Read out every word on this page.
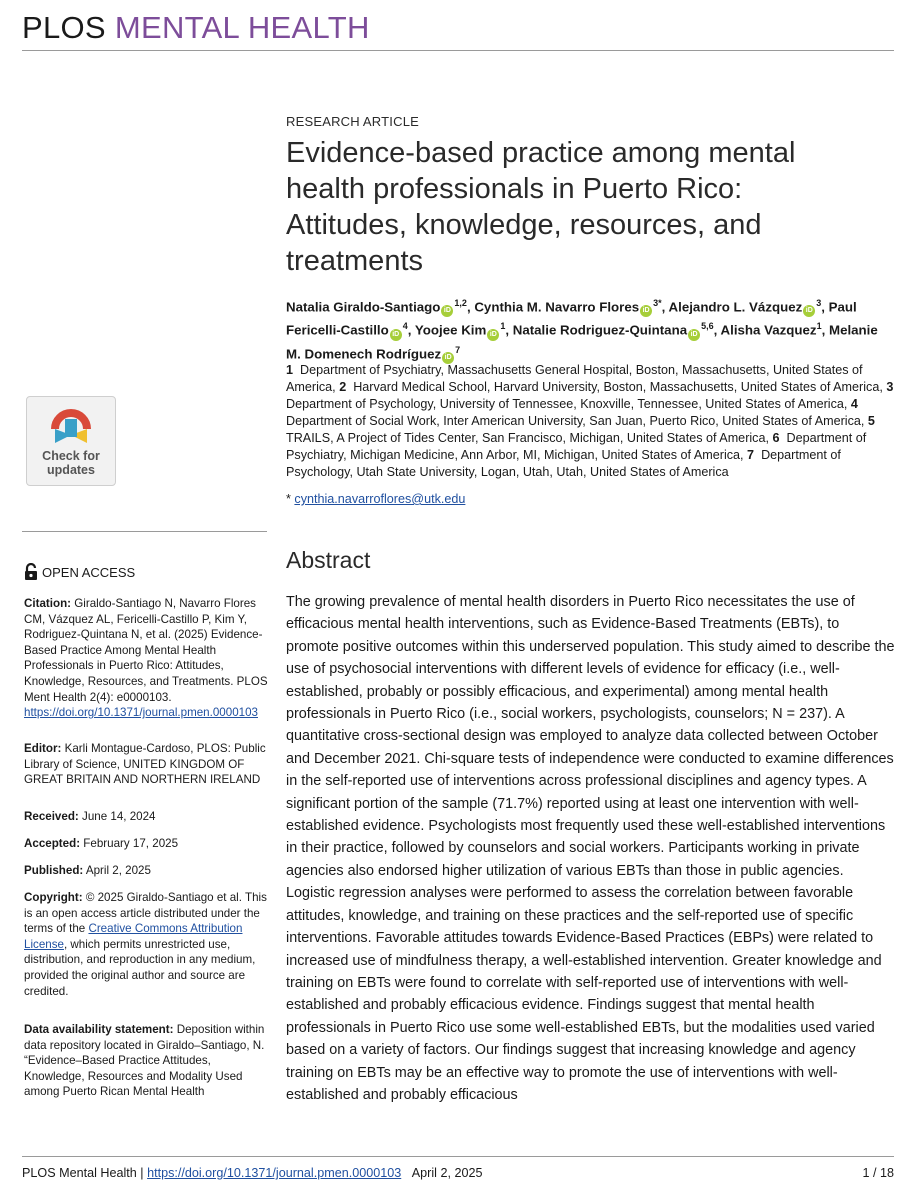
PLOS MENTAL HEALTH
RESEARCH ARTICLE
Evidence-based practice among mental health professionals in Puerto Rico: Attitudes, knowledge, resources, and treatments
Natalia Giraldo-Santiago iD$^{1,2}$, Cynthia M. Navarro Flores $iD^{3*}$, Alejandro L. Vázquez $iD^3$, Paul Fericelli-Castillo $iD^4$, Yoojee Kim $iD^1$, Natalie Rodriguez-Quintana iD$^{5,6}$, Alisha Vazquez$^1$, Melanie M. Domenech Rodríguez $iD^7$
1 Department of Psychiatry, Massachusetts General Hospital, Boston, Massachusetts, United States of America, 2 Harvard Medical School, Harvard University, Boston, Massachusetts, United States of America, 3  Department of Psychology, University of Tennessee, Knoxville, Tennessee, United States of America, 4  Department of Social Work, Inter American University, San Juan, Puerto Rico, United States of America, 5  TRAILS, A Project of Tides Center, San Francisco, Michigan, United States of America, 6 Department of Psychiatry, Michigan Medicine, Ann Arbor, MI, Michigan, United States of America, 7 Department of Psychology, Utah State University, Logan, Utah, Utah, United States of America
* cynthia.navarroflores@utk.edu
Abstract
The growing prevalence of mental health disorders in Puerto Rico necessitates the use of efficacious mental health interventions, such as Evidence-Based Treatments (EBTs), to promote positive outcomes within this underserved population. This study aimed to describe the use of psychosocial interventions with different levels of evidence for efficacy (i.e., well-established, probably or possibly efficacious, and experimental) among mental health professionals in Puerto Rico (i.e., social workers, psychologists, counselors; N = 237). A quantitative cross-sectional design was employed to analyze data collected between October and December 2021. Chi-square tests of independence were conducted to examine differences in the self-reported use of interventions across professional disciplines and agency types. A significant portion of the sample (71.7%) reported using at least one intervention with well-established evidence. Psychologists most frequently used these well-established interventions in their practice, followed by counselors and social workers. Participants working in private agencies also endorsed higher utilization of various EBTs than those in public agencies. Logistic regression analyses were performed to assess the correlation between favorable attitudes, knowledge, and training on these practices and the self-reported use of specific interventions. Favorable attitudes towards Evidence-Based Practices (EBPs) were related to increased use of mindfulness therapy, a well-established intervention. Greater knowledge and training on EBTs were found to correlate with self-reported use of interventions with well-established and probably efficacious evidence. Findings suggest that mental health professionals in Puerto Rico use some well-established EBTs, but the modalities used varied based on a variety of factors. Our findings suggest that increasing knowledge and agency training on EBTs may be an effective way to promote the use of interventions with well-established and probably efficacious
Check for
updates
OPEN ACCESS
Citation: Giraldo-Santiago N, Navarro Flores CM, Vázquez AL, Fericelli-Castillo P, Kim Y, Rodriguez-Quintana N, et al. (2025) Evidence-Based Practice Among Mental Health Professionals in Puerto Rico: Attitudes, Knowledge, Resources, and Treatments. PLOS Ment Health 2(4): e0000103. https://doi.org/10.1371/journal.pmen.0000103
Editor: Karli Montague-Cardoso, PLOS: Public Library of Science, UNITED KINGDOM OF GREAT BRITAIN AND NORTHERN IRELAND
Received: June 14, 2024
Accepted: February 17, 2025
Published: April 2, 2025
Copyright: © 2025 Giraldo-Santiago et al. This is an open access article distributed under the terms of the Creative Commons Attribution License, which permits unrestricted use, distribution, and reproduction in any medium, provided the original author and source are credited.
Data availability statement: Deposition within data repository located in Giraldo–Santiago, N. “Evidence–Based Practice Attitudes, Knowledge, Resources and Modality Used among Puerto Rican Mental Health
PLOS Mental Health | https://doi.org/10.1371/journal.pmen.0000103 April 2, 2025	1 / 18
